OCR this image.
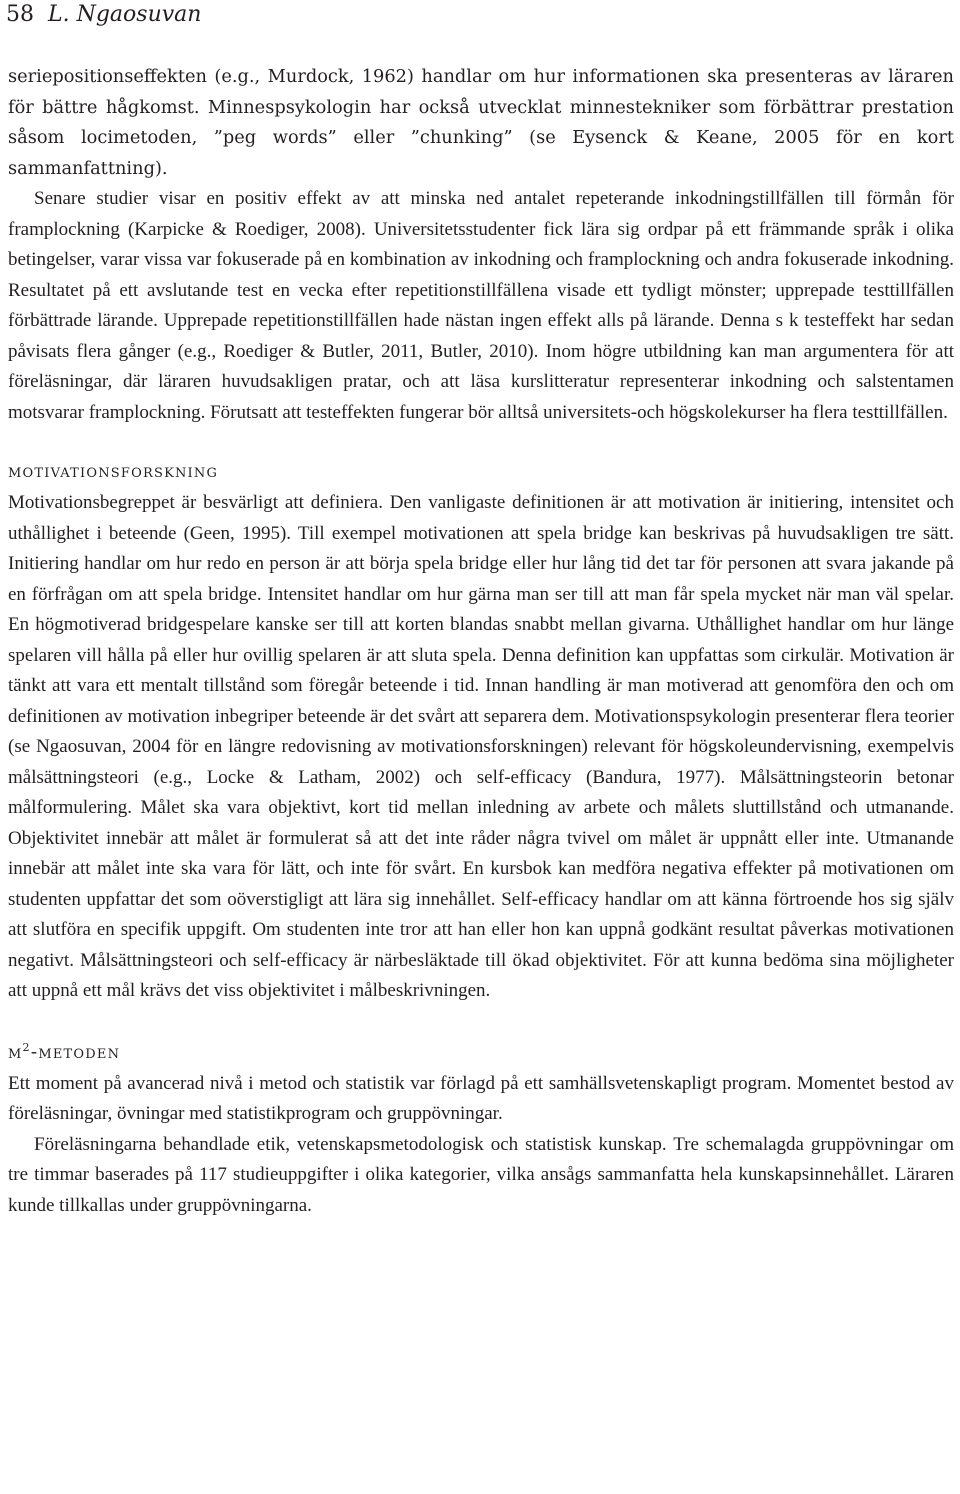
58 L. Ngaosuvan

seriepositionseffekten (e.g., Murdock, 1962) handlar om hur informationen ska presenteras av läraren för bättre hågkomst. Minnespsykologin har också utvecklat minnestekniker som förbättrar prestation såsom locimetoden, ”peg words” eller ”chunking” (se Eysenck & Keane, 2005 för en kort sammanfattning).

Senare studier visar en positiv effekt av att minska ned antalet repeterande inkodningstillfällen till förmån för framplockning (Karpicke & Roediger, 2008). Universitetsstudenter fick lära sig ordpar på ett främmande språk i olika betingelser, varar vissa var fokuserade på en kombination av inkodning och framplockning och andra fokuserade inkodning. Resultatet på ett avslutande test en vecka efter repetitionstillfällena visade ett tydligt mönster; upprepade testtillfällen förbättrade lärande. Upprepade repetitionstillfällen hade nästan ingen effekt alls på lärande. Denna s k testeffekt har sedan påvisats flera gånger (e.g., Roediger & Butler, 2011, Butler, 2010). Inom högre utbildning kan man argumentera för att föreläsningar, där läraren huvudsakligen pratar, och att läsa kurslitteratur representerar inkodning och salstentamen motsvarar framplockning. Förutsatt att testeffekten fungerar bör alltså universitets-och högskolekurser ha flera testtillfällen.

motivationsforskning

Motivationsbegreppet är besvärligt att definiera. Den vanligaste definitionen är att motivation är initiering, intensitet och uthållighet i beteende (Geen, 1995). Till exempel motivationen att spela bridge kan beskrivas på huvudsakligen tre sätt. Initiering handlar om hur redo en person är att börja spela bridge eller hur lång tid det tar för personen att svara jakande på en förfrågan om att spela bridge. Intensitet handlar om hur gärna man ser till att man får spela mycket när man väl spelar. En högmotiverad bridgespelare kanske ser till att korten blandas snabbt mellan givarna. Uthållighet handlar om hur länge spelaren vill hålla på eller hur ovillig spelaren är att sluta spela. Denna definition kan uppfattas som cirkulär. Motivation är tänkt att vara ett mentalt tillstånd som föregår beteende i tid. Innan handling är man motiverad att genomföra den och om definitionen av motivation inbegriper beteende är det svårt att separera dem. Motivationspsykologin presenterar flera teorier (se Ngaosuvan, 2004 för en längre redovisning av motivationsforskningen) relevant för högskoleundervisning, exempelvis målsättningsteori (e.g., Locke & Latham, 2002) och self-efficacy (Bandura, 1977). Målsättningsteorin betonar målformulering. Målet ska vara objektivt, kort tid mellan inledning av arbete och målets sluttillstånd och utmanande. Objektivitet innebär att målet är formulerat så att det inte råder några tvivel om målet är uppnått eller inte. Utmanande innebär att målet inte ska vara för lätt, och inte för svårt. En kursbok kan medföra negativa effekter på motivationen om studenten uppfattar det som oöverstigligt att lära sig innehållet. Self-efficacy handlar om att känna förtroende hos sig själv att slutföra en specifik uppgift. Om studenten inte tror att han eller hon kan uppnå godkänt resultat påverkas motivationen negativt. Målsättningsteori och self-efficacy är närbesläktade till ökad objektivitet. För att kunna bedöma sina möjligheter att uppnå ett mål krävs det viss objektivitet i målbeskrivningen.

$m^2$-metoden

Ett moment på avancerad nivå i metod och statistik var förlagd på ett samhällsvetenskapligt program. Momentet bestod av föreläsningar, övningar med statistikprogram och gruppövningar.

Föreläsningarna behandlade etik, vetenskapsmetodologisk och statistisk kunskap. Tre schemalagda gruppövningar om tre timmar baserades på 117 studieuppgifter i olika kategorier, vilka ansågs sammanfatta hela kunskapsinnehållet. Läraren kunde tillkallas under gruppövningarna.
